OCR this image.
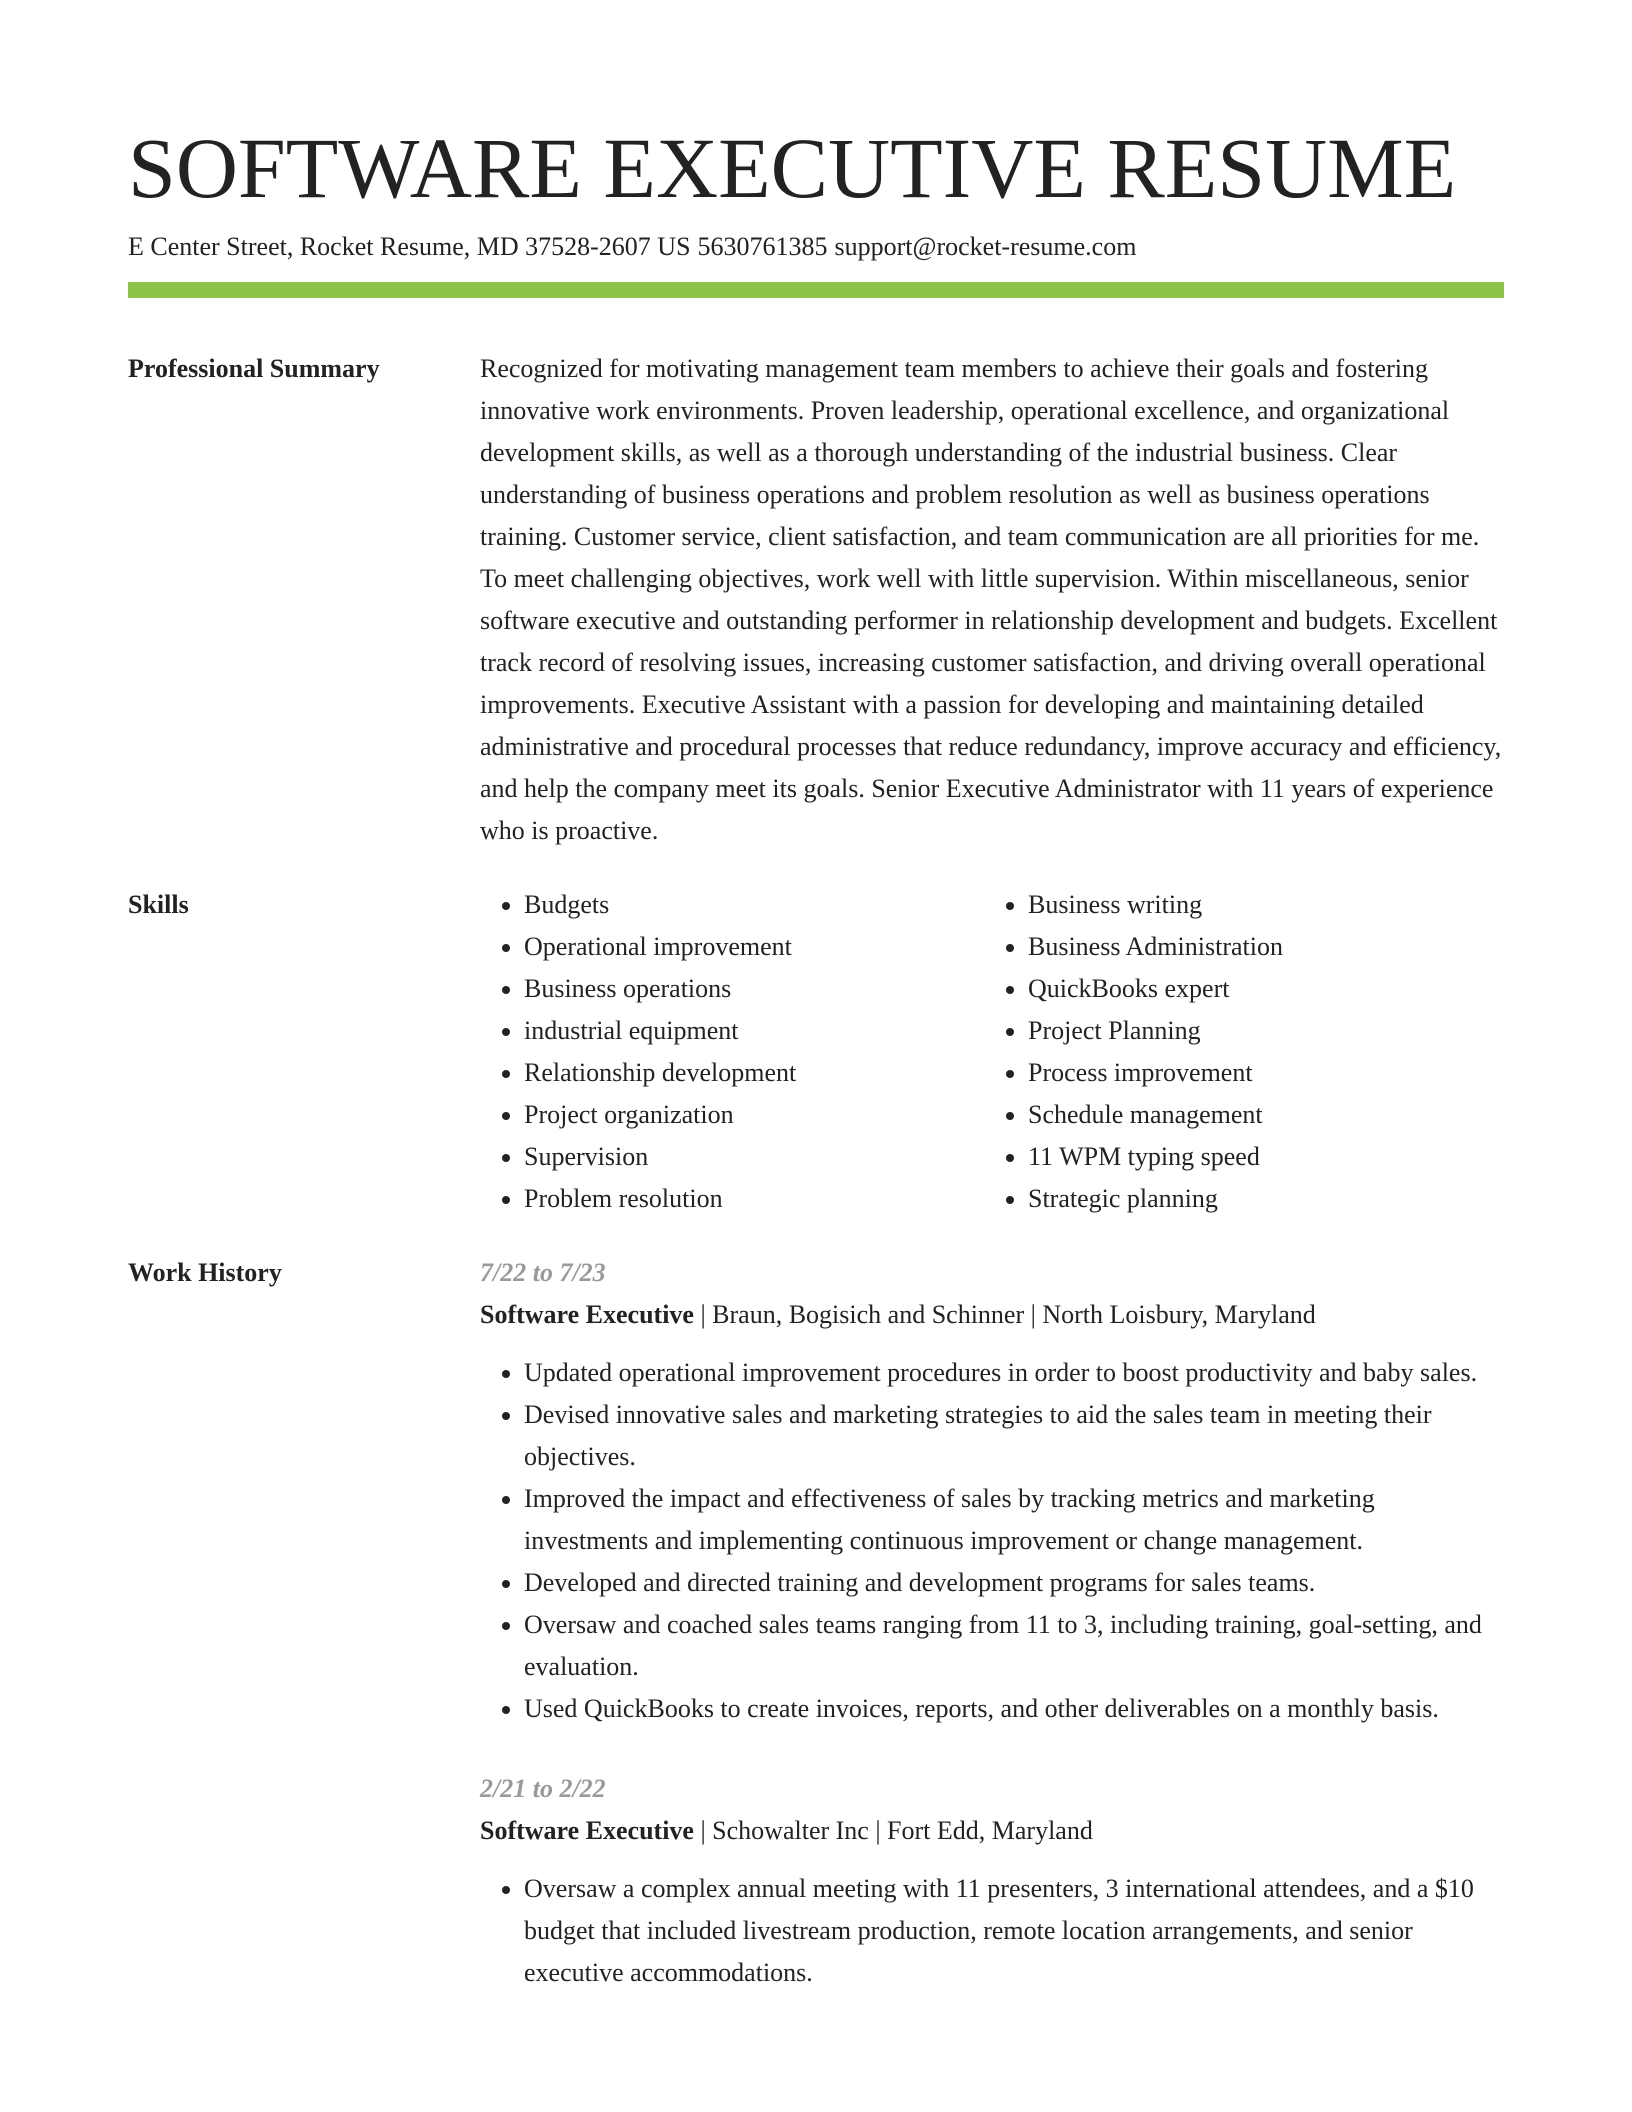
SOFTWARE EXECUTIVE RESUME
E Center Street, Rocket Resume, MD 37528-2607 US 5630761385 support@rocket-resume.com
Professional Summary	Recognized for motivating management team members to achieve their goals and fostering innovative work environments. Proven leadership, operational excellence, and organizational development skills, as well as a thorough understanding of the industrial business. Clear understanding of business operations and problem resolution as well as business operations training. Customer service, client satisfaction, and team communication are all priorities for me. To meet challenging objectives, work well with little supervision. Within miscellaneous, senior software executive and outstanding performer in relationship development and budgets. Excellent track record of resolving issues, increasing customer satisfaction, and driving overall operational improvements. Executive Assistant with a passion for developing and maintaining detailed administrative and procedural processes that reduce redundancy, improve accuracy and efficiency, and help the company meet its goals. Senior Executive Administrator with 11 years of experience who is proactive.
Skills
•	Budgets
• Operational improvement
• Business operations
• industrial equipment
• Relationship development
• Project organization
• Supervision
• Problem resolution
• Business writing
• Business Administration
• QuickBooks expert
• Project Planning
• Process improvement
• Schedule management
• 11 WPM typing speed
• Strategic planning
Work History	7/22 to 7/23
Software Executive | Braun, Bogisich and Schinner | North Loisbury, Maryland
• Updated operational improvement procedures in order to boost productivity and baby sales.
• Devised innovative sales and marketing strategies to aid the sales team in meeting their objectives.
• Improved the impact and effectiveness of sales by tracking metrics and marketing investments and implementing continuous improvement or change management.
• Developed and directed training and development programs for sales teams.
• Oversaw and coached sales teams ranging from 11 to 3, including training, goal-setting, and evaluation.
• Used QuickBooks to create invoices, reports, and other deliverables on a monthly basis.
2/21 to 2/22
Software Executive | Schowalter Inc | Fort Edd, Maryland
• Oversaw a complex annual meeting with 11 presenters, 3 international attendees, and a $10 budget that included livestream production, remote location arrangements, and senior executive accommodations.
